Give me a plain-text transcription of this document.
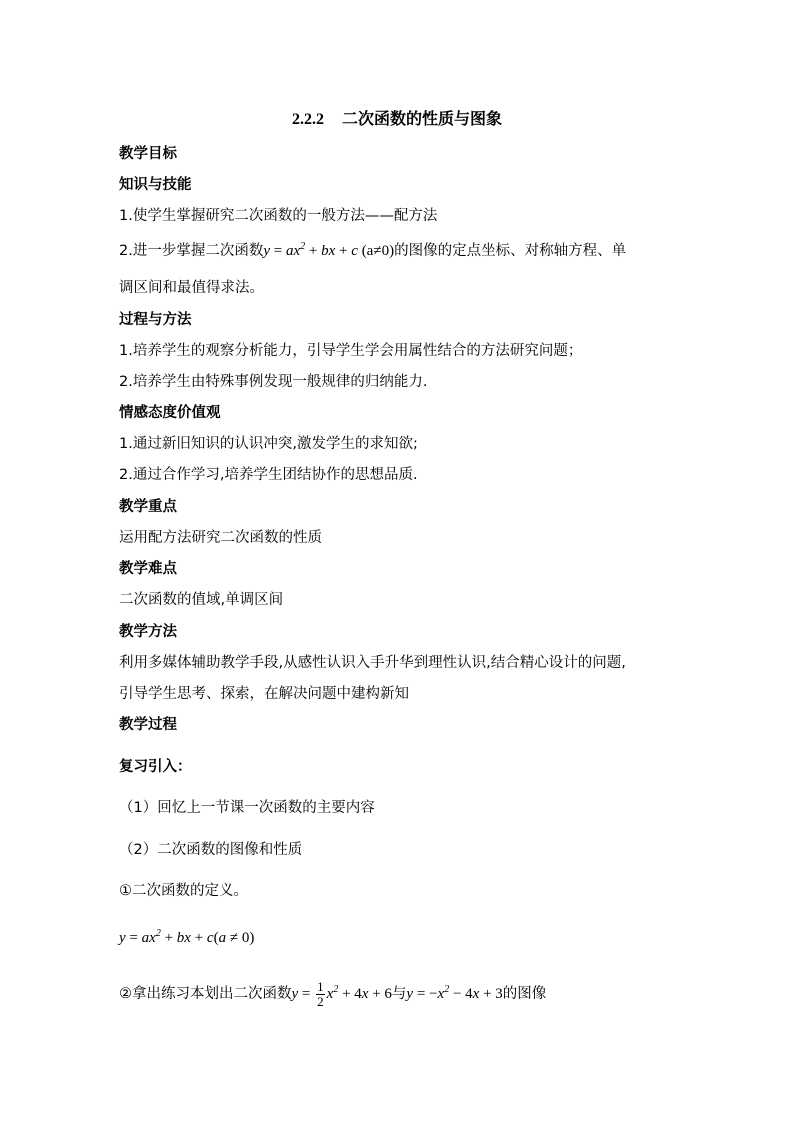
2.2.2 二次函数的性质与图象
教学目标
知识与技能
1.使学生掌握研究二次函数的一般方法——配方法
2.进一步掌握二次函数$y = ax^2$ + bx + c (a≠0)的图像的定点坐标、对称轴方程、单
调区间和最值得求法。
过程与方法
1.培养学生的观察分析能力，引导学生学会用属性结合的方法研究问题；
2.培养学生由特殊事例发现一般规律的归纳能力.
情感态度价值观
1.通过新旧知识的认识冲突,激发学生的求知欲;
2.通过合作学习,培养学生团结协作的思想品质.
教学重点
运用配方法研究二次函数的性质
教学难点
二次函数的值域,单调区间
教学方法
利用多媒体辅助教学手段,从感性认识入手升华到理性认识,结合精心设计的问题,
引导学生思考、探索，在解决问题中建构新知
教学过程
复习引入：
（1）回忆上一节课一次函数的主要内容
（2）二次函数的图像和性质
①二次函数的定义。
$y = ax^2$ + bx + c(a ≠ 0)
②拿出练习本划出二次函数$y = \frac{1}{2} x^2 + 4x + 6$与$y = -x^2 - 4x + 3$的图像
